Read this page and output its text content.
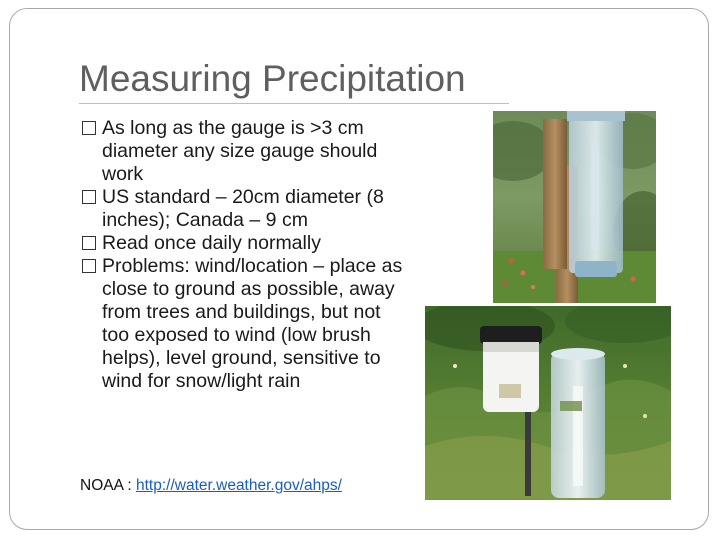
Measuring Precipitation

As long as the gauge is >3 cm diameter any size gauge should work

US standard – 20cm diameter (8 inches); Canada – 9 cm

Read once daily normally

Problems: wind/location – place as close to ground as possible, away from trees and buildings, but not too exposed to wind (low brush helps), level ground, sensitive to wind for snow/light rain

NOAA : http://water.weather.gov/ahps/
